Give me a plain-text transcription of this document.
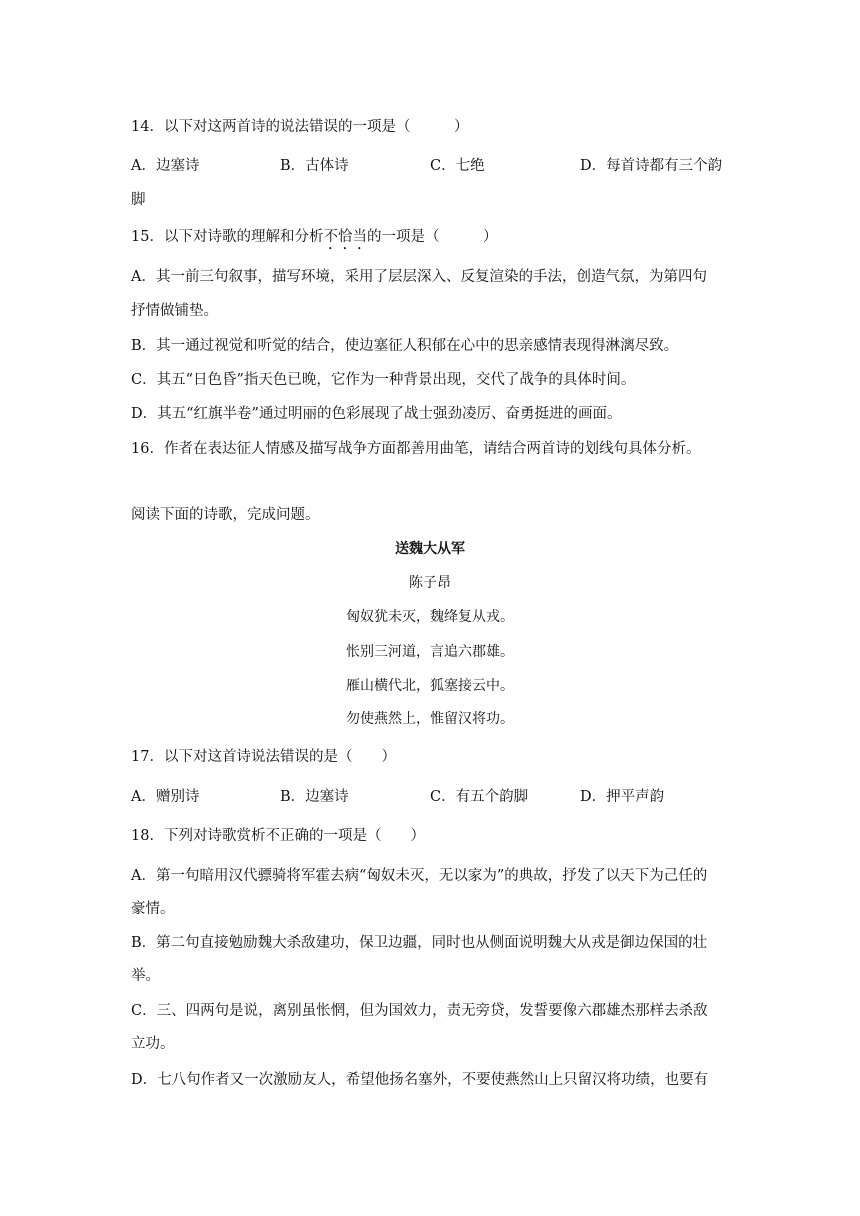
14．以下对这两首诗的说法错误的一项是（　　　）
A．边塞诗	B．古体诗	C．七绝	D．每首诗都有三个韵
脚
15．以下对诗歌的理解和分析不恰当的一项是（　　　）
A．其一前三句叙事，描写环境，采用了层层深入、反复渲染的手法，创造气氛，为第四句
抒情做铺垫。
B．其一通过视觉和听觉的结合，使边塞征人积郁在心中的思亲感情表现得淋漓尽致。
C．其五“日色昏”指天色已晚，它作为一种背景出现，交代了战争的具体时间。
D．其五“红旗半卷”通过明丽的色彩展现了战士强劲凌厉、奋勇挺进的画面。
16．作者在表达征人情感及描写战争方面都善用曲笔，请结合两首诗的划线句具体分析。
阅读下面的诗歌，完成问题。
送魏大从军
陈子昂
匈奴犹未灭，魏绛复从戎。
怅别三河道，言追六郡雄。
雁山横代北，狐塞接云中。
勿使燕然上，惟留汉将功。
17．以下对这首诗说法错误的是（　　）
A．赠别诗	B．边塞诗	C．有五个韵脚	D．押平声韵
18．下列对诗歌赏析不正确的一项是（　　）
A．第一句暗用汉代骠骑将军霍去病“匈奴未灭，无以家为”的典故，抒发了以天下为己任的
豪情。
B．第二句直接勉励魏大杀敌建功，保卫边疆，同时也从侧面说明魏大从戎是御边保国的壮
举。
C．三、四两句是说，离别虽怅惘，但为国效力，责无旁贷，发誓要像六郡雄杰那样去杀敌
立功。
D．七八句作者又一次激励友人，希望他扬名塞外，不要使燕然山上只留汉将功绩，也要有
